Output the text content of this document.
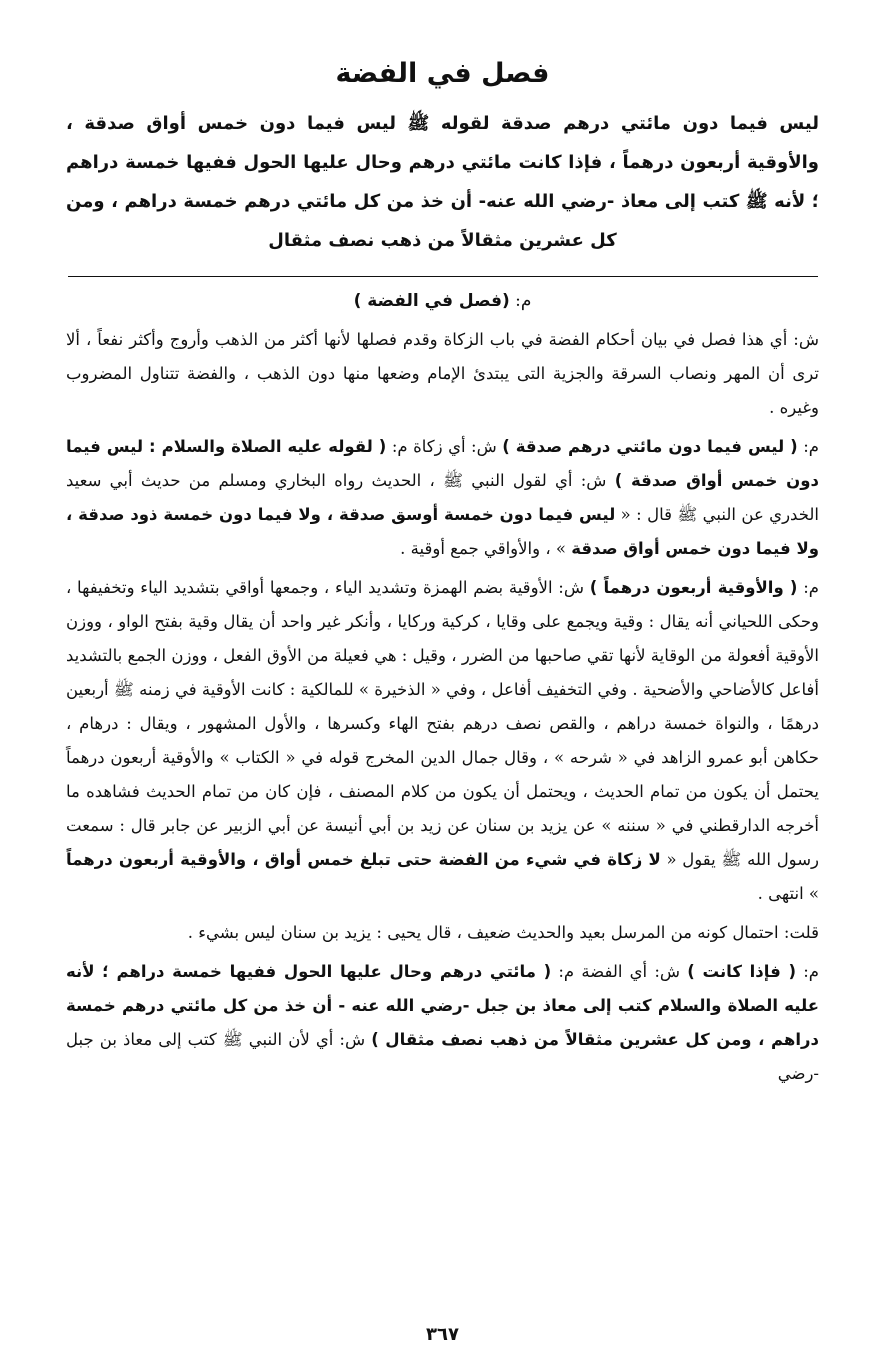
فصل في الفضة

ليس فيما دون مائتي درهم صدقة لقوله ﷺ ليس فيما دون خمس أواق صدقة ، والأوقية أربعون درهماً ، فإذا كانت مائتي درهم وحال عليها الحول ففيها خمسة دراهم ؛ لأنه ﷺ كتب إلى معاذ -رضي الله عنه- أن خذ من كل مائتي درهم خمسة دراهم ، ومن كل عشرين مثقالاً من ذهب نصف مثقال

م: (فصل في الفضة )

ش: أي هذا فصل في بيان أحكام الفضة في باب الزكاة وقدم فصلها لأنها أكثر من الذهب وأروج وأكثر نفعاً ، ألا ترى أن المهر ونصاب السرقة والجزية التى يبتدئ الإمام وضعها منها دون الذهب ، والفضة تتناول المضروب وغيره .

م: ( ليس فيما دون مائتي درهم صدقة ) ش: أي زكاة م: ( لقوله عليه الصلاة والسلام : ليس فيما دون خمس أواق صدقة ) ش: أي لقول النبي ﷺ ، الحديث رواه البخاري ومسلم من حديث أبي سعيد الخدري عن النبي ﷺ قال : « ليس فيما دون خمسة أوسق صدقة ، ولا فيما دون خمسة ذود صدقة ، ولا فيما دون خمس أواق صدقة » ، والأواقي جمع أوقية .

م: ( والأوقية أربعون درهماً ) ش: الأوقية بضم الهمزة وتشديد الياء ، وجمعها أواقي بتشديد الياء وتخفيفها ، وحكى اللحياني أنه يقال : وقية ويجمع على وقايا ، كركية وركايا ، وأنكر غير واحد أن يقال وقية بفتح الواو ، ووزن الأوقية أفعولة من الوقاية لأنها تقي صاحبها من الضرر ، وقيل : هي فعيلة من الأوق الفعل ، ووزن الجمع بالتشديد أفاعل كالأضاحي والأضحية . وفي التخفيف أفاعل ، وفي « الذخيرة » للمالكية : كانت الأوقية في زمنه ﷺ أربعين درهمًا ، والنواة خمسة دراهم ، والقص نصف درهم بفتح الهاء وكسرها ، والأول المشهور ، ويقال : درهام ، حكاهن أبو عمرو الزاهد في « شرحه » ، وقال جمال الدين المخرج قوله في « الكتاب » والأوقية أربعون درهماً يحتمل أن يكون من تمام الحديث ، ويحتمل أن يكون من كلام المصنف ، فإن كان من تمام الحديث فشاهده ما أخرجه الدارقطني في « سننه » عن يزيد بن سنان عن زيد بن أبي أنيسة عن أبي الزبير عن جابر قال : سمعت رسول الله ﷺ يقول « لا زكاة في شيء من الفضة حتى تبلغ خمس أواق ، والأوقية أربعون درهماً » انتهى .

قلت: احتمال كونه من المرسل بعيد والحديث ضعيف ، قال يحيى : يزيد بن سنان ليس بشيء .

م: ( فإذا كانت ) ش: أي الفضة م: ( مائتي درهم وحال عليها الحول ففيها خمسة دراهم ؛ لأنه عليه الصلاة والسلام كتب إلى معاذ بن جبل -رضي الله عنه - أن خذ من كل مائتي درهم خمسة دراهم ، ومن كل عشرين مثقالاً من ذهب نصف مثقال ) ش: أي لأن النبي ﷺ كتب إلى معاذ بن جبل -رضي

٣٦٧
